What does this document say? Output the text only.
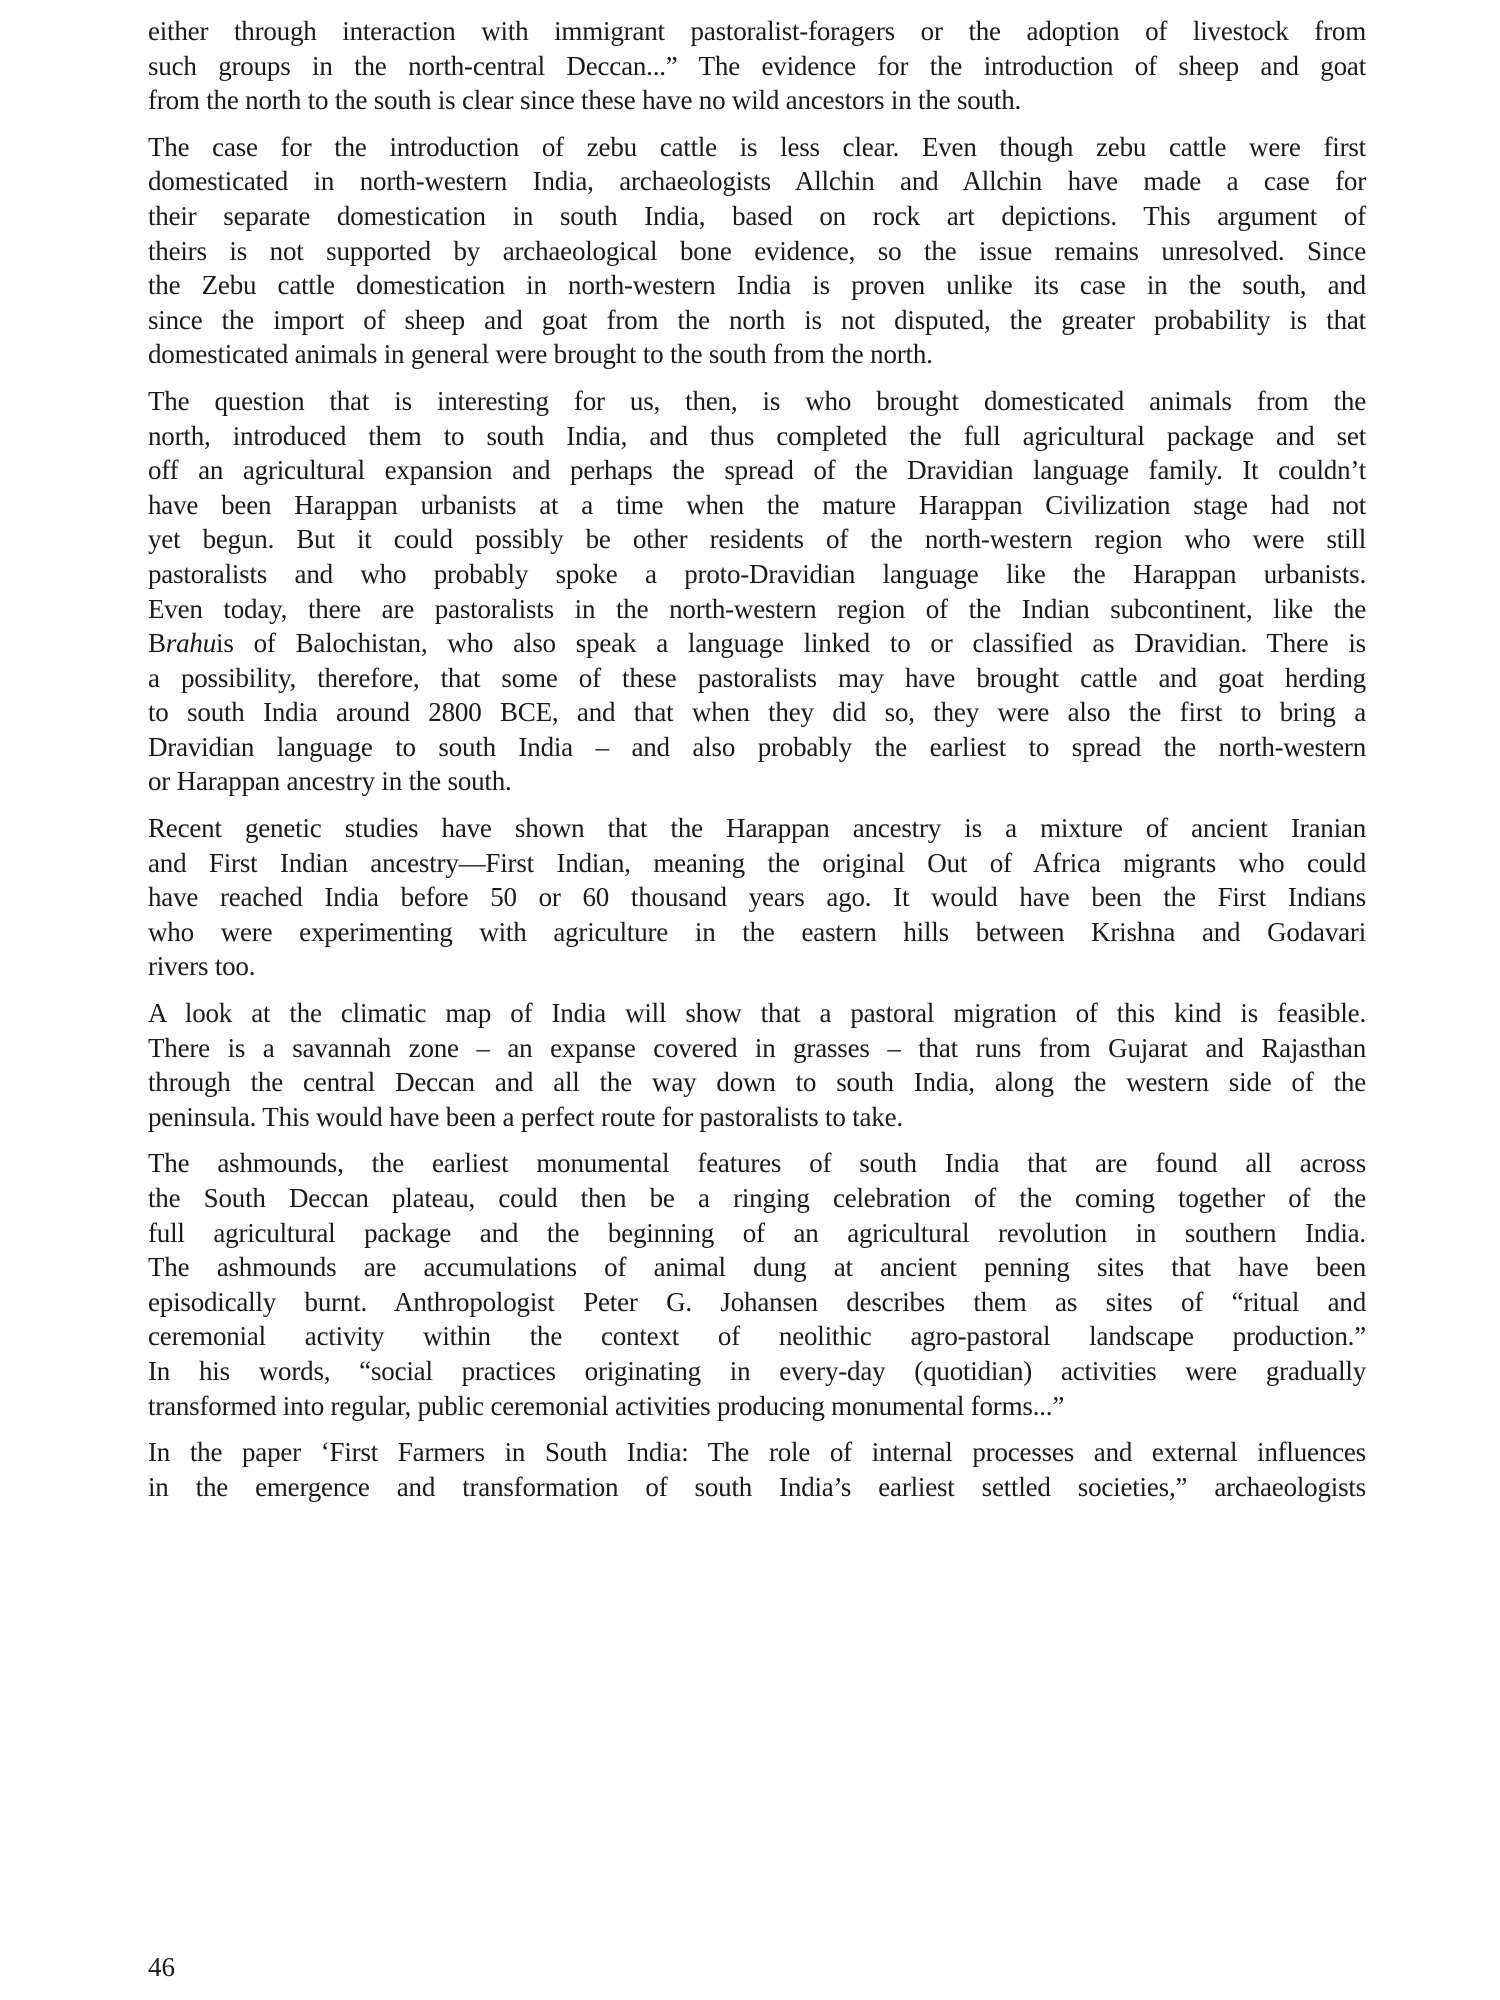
either through interaction with immigrant pastoralist-foragers or the adoption of livestock from
such groups in the north-central Deccan...” The evidence for the introduction of sheep and goat
from the north to the south is clear since these have no wild ancestors in the south.

The case for the introduction of zebu cattle is less clear. Even though zebu cattle were first
domesticated in north-western India, archaeologists Allchin and Allchin have made a case for
their separate domestication in south India, based on rock art depictions. This argument of
theirs is not supported by archaeological bone evidence, so the issue remains unresolved. Since
the Zebu cattle domestication in north-western India is proven unlike its case in the south, and
since the import of sheep and goat from the north is not disputed, the greater probability is that
domesticated animals in general were brought to the south from the north.

The question that is interesting for us, then, is who brought domesticated animals from the
north, introduced them to south India, and thus completed the full agricultural package and set
off an agricultural expansion and perhaps the spread of the Dravidian language family. It couldn’t
have been Harappan urbanists at a time when the mature Harappan Civilization stage had not
yet begun. But it could possibly be other residents of the north-western region who were still
pastoralists and who probably spoke a proto-Dravidian language like the Harappan urbanists.
Even today, there are pastoralists in the north-western region of the Indian subcontinent, like the
Brahuis of Balochistan, who also speak a language linked to or classified as Dravidian. There is
a possibility, therefore, that some of these pastoralists may have brought cattle and goat herding
to south India around 2800 BCE, and that when they did so, they were also the first to bring a
Dravidian language to south India – and also probably the earliest to spread the north-western
or Harappan ancestry in the south.

Recent genetic studies have shown that the Harappan ancestry is a mixture of ancient Iranian
and First Indian ancestry—First Indian, meaning the original Out of Africa migrants who could
have reached India before 50 or 60 thousand years ago. It would have been the First Indians
who were experimenting with agriculture in the eastern hills between Krishna and Godavari
rivers too.

A look at the climatic map of India will show that a pastoral migration of this kind is feasible.
There is a savannah zone – an expanse covered in grasses – that runs from Gujarat and Rajasthan
through the central Deccan and all the way down to south India, along the western side of the
peninsula. This would have been a perfect route for pastoralists to take.

The ashmounds, the earliest monumental features of south India that are found all across
the South Deccan plateau, could then be a ringing celebration of the coming together of the
full agricultural package and the beginning of an agricultural revolution in southern India.
The ashmounds are accumulations of animal dung at ancient penning sites that have been
episodically burnt. Anthropologist Peter G. Johansen describes them as sites of “ritual and
ceremonial activity within the context of neolithic agro-pastoral landscape production.”
In his words, “social practices originating in every-day (quotidian) activities were gradually
transformed into regular, public ceremonial activities producing monumental forms...”

In the paper ‘First Farmers in South India: The role of internal processes and external influences
in the emergence and transformation of south India’s earliest settled societies,” archaeologists

46
